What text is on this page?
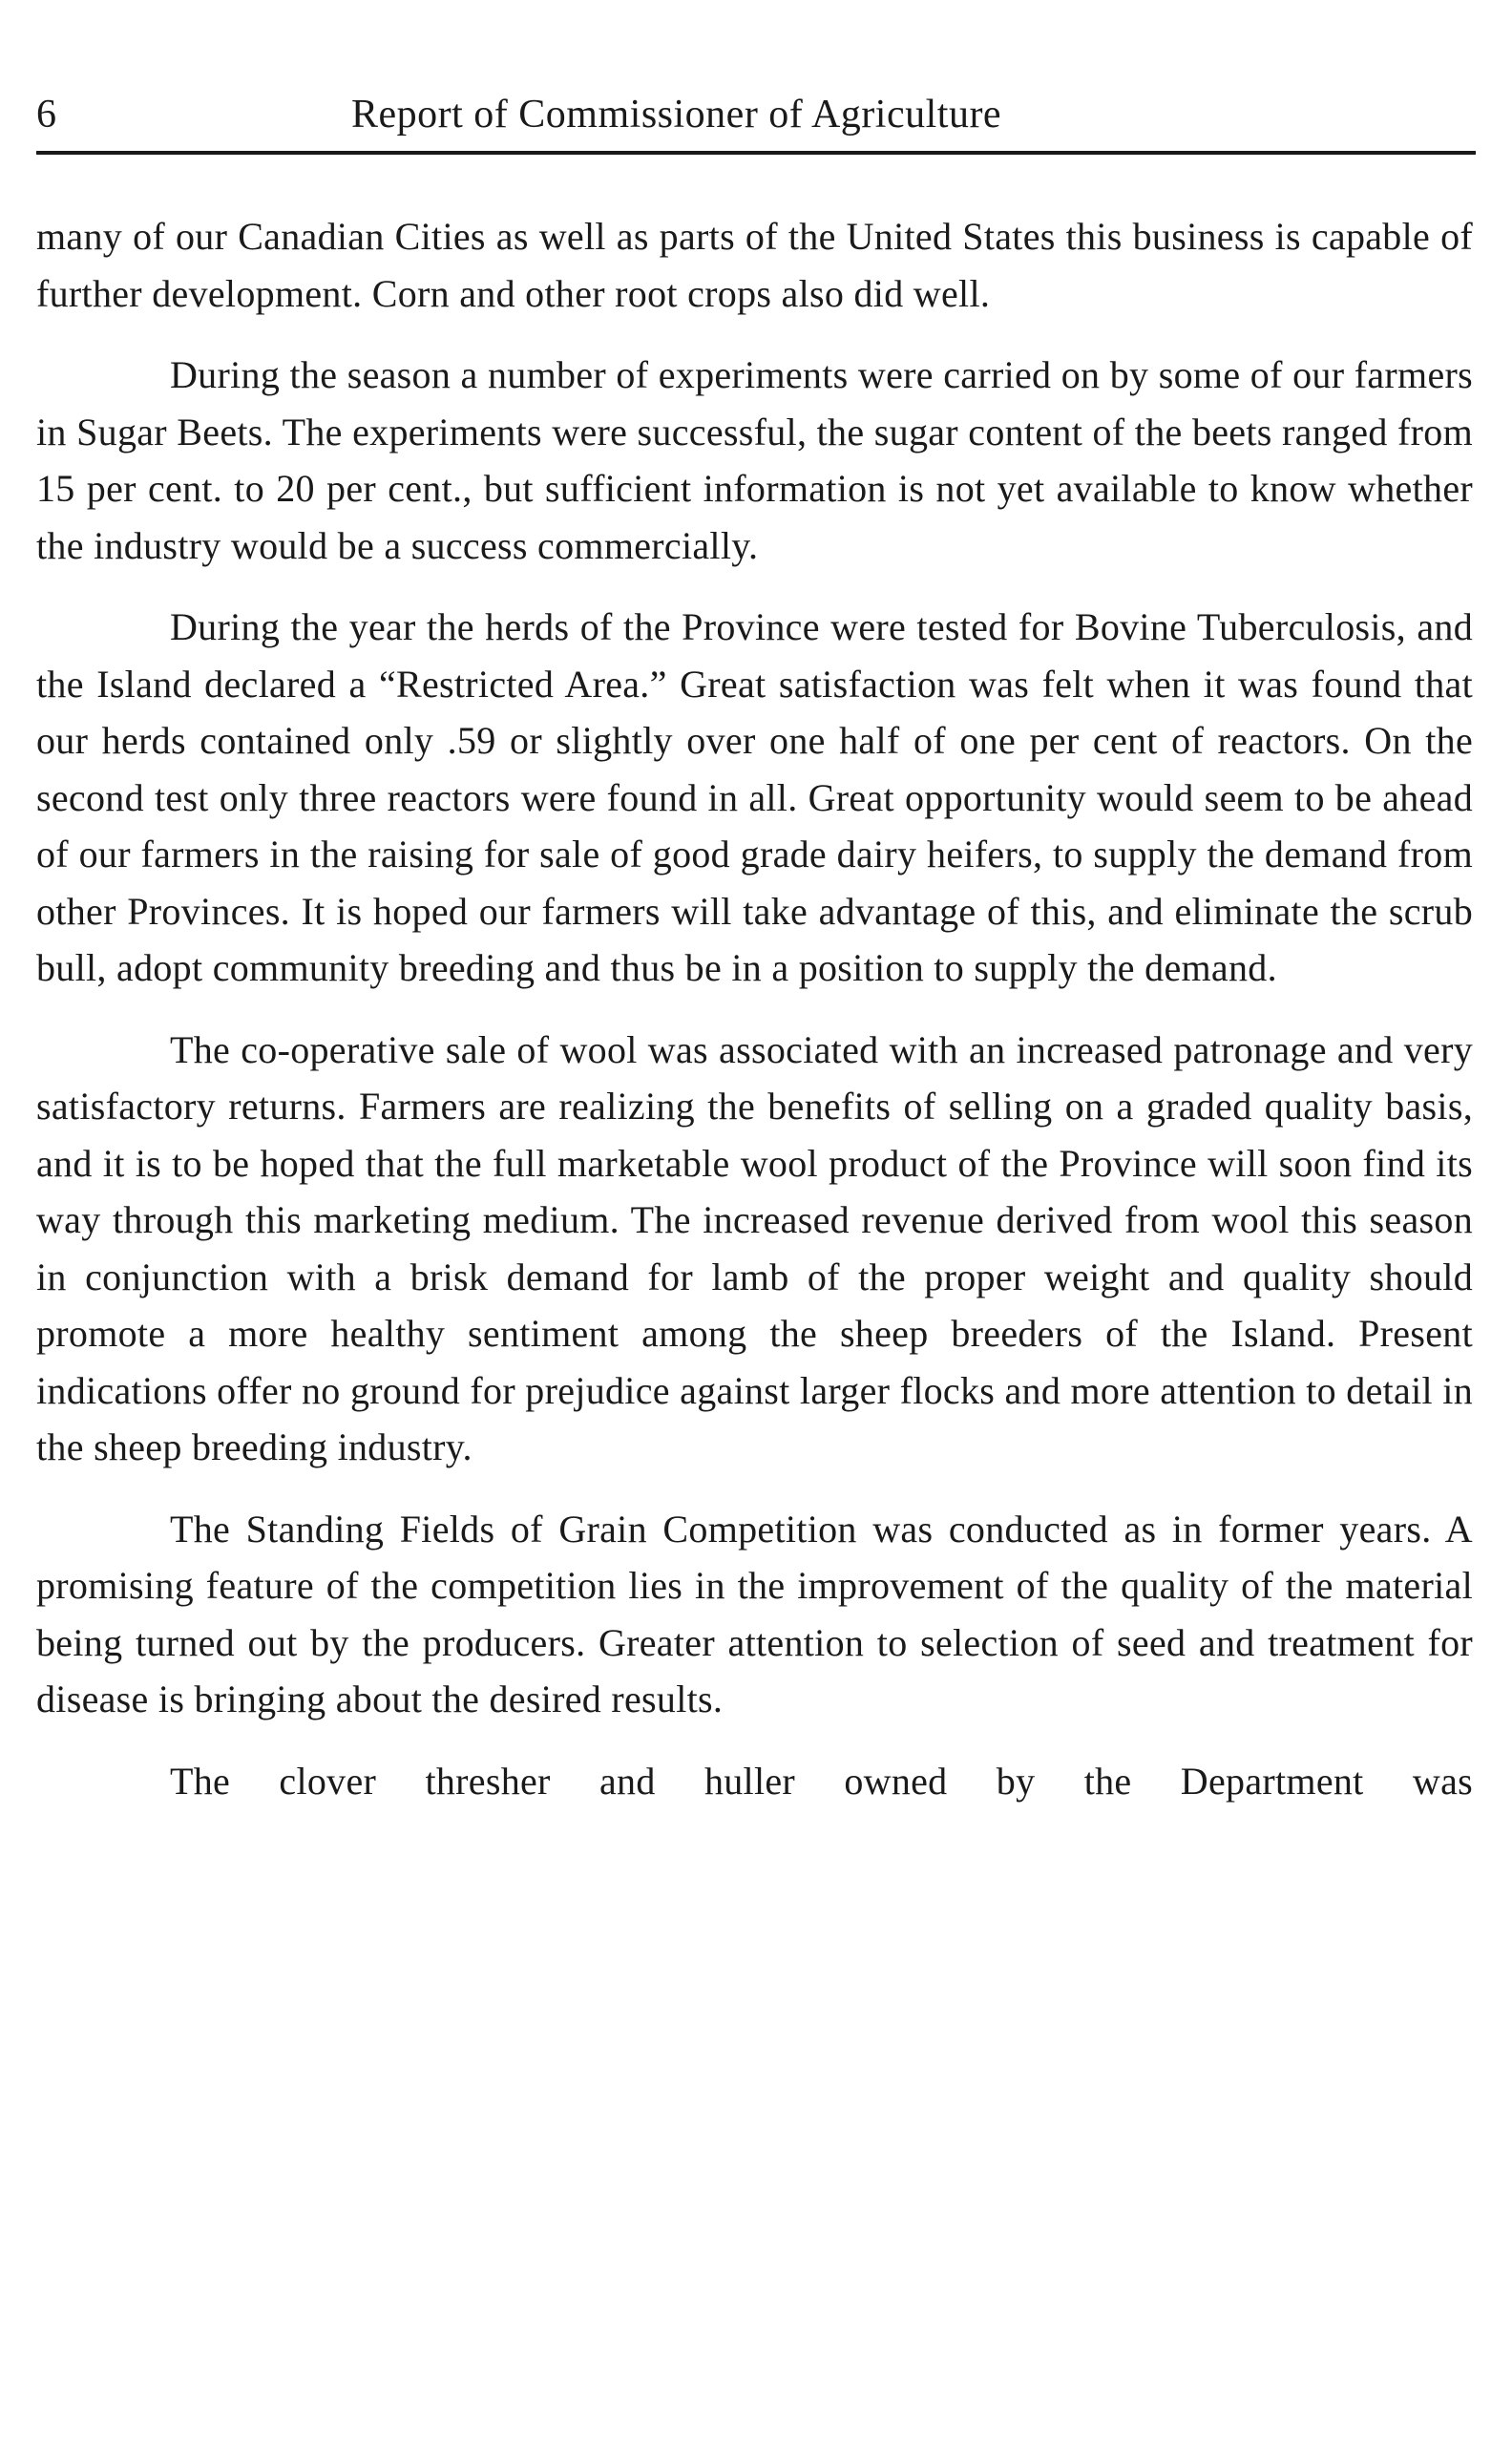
6	Report of Commissioner of Agriculture

many of our Canadian Cities as well as parts of the United States this business is capable of further development. Corn and other root crops also did well.

During the season a number of experiments were carried on by some of our farmers in Sugar Beets. The experiments were successful, the sugar content of the beets ranged from 15 per cent. to 20 per cent., but sufficient information is not yet available to know whether the industry would be a success commercially.

During the year the herds of the Province were tested for Bovine Tuberculosis, and the Island declared a “Restricted Area.” Great satisfaction was felt when it was found that our herds contained only .59 or slightly over one half of one per cent of reactors. On the second test only three reactors were found in all. Great opportunity would seem to be ahead of our farmers in the raising for sale of good grade dairy heifers, to supply the demand from other Provinces. It is hoped our farmers will take advantage of this, and eliminate the scrub bull, adopt community breeding and thus be in a position to supply the demand.

The co-operative sale of wool was associated with an increased patronage and very satisfactory returns. Farmers are realizing the benefits of selling on a graded quality basis, and it is to be hoped that the full marketable wool product of the Province will soon find its way through this marketing medium. The increased revenue derived from wool this season in conjunction with a brisk demand for lamb of the proper weight and quality should promote a more healthy sentiment among the sheep breeders of the Island. Present indications offer no ground for prejudice against larger flocks and more attention to detail in the sheep breeding industry.

The Standing Fields of Grain Competition was conducted as in former years. A promising feature of the competition lies in the improvement of the quality of the material being turned out by the producers. Greater attention to selection of seed and treatment for disease is bringing about the desired results.

The clover thresher and huller owned by the Department was
